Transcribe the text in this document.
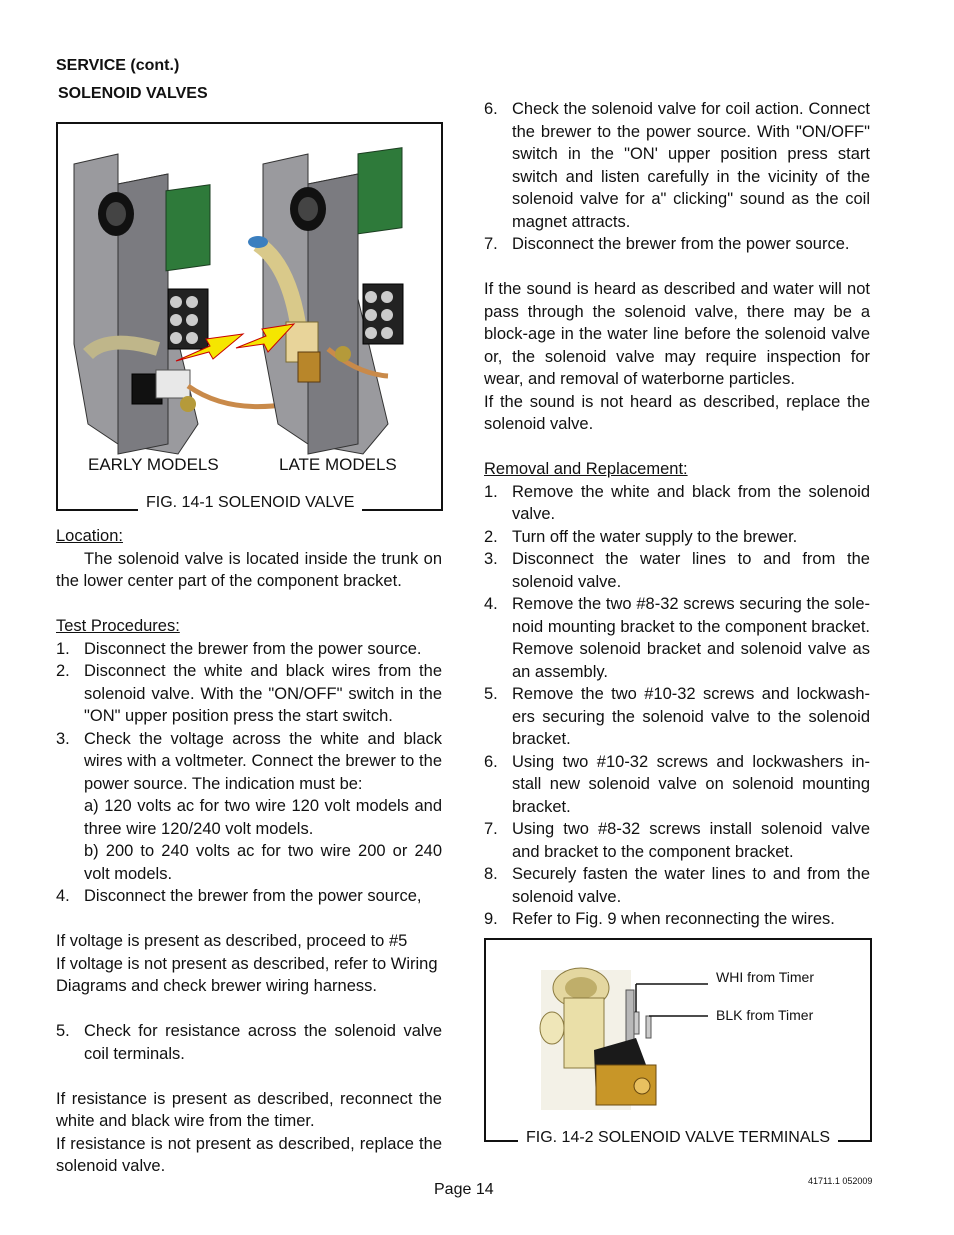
SERVICE (cont.)
SOLENOID VALVES
EARLY MODELS	LATE MODELS
FIG. 14-1 SOLENOID VALVE
Location:
The solenoid valve is located inside the trunk on the lower center part of the component bracket.
Test Procedures:
1. Disconnect the brewer from the power source.
2. Disconnect the white and black wires from the solenoid valve. With the "ON/OFF" switch in the "ON" upper position press the start switch.
3. Check the voltage across the white and black wires with a voltmeter. Connect the brewer to the power source. The indication must be:
a) 120 volts ac for two wire 120 volt models and three wire 120/240 volt models.
b) 200 to 240 volts ac for two wire 200 or 240 volt models.
4. Disconnect the brewer from the power source,
If voltage is present as described, proceed to #5
If voltage is not present as described, refer to Wiring Diagrams and check brewer wiring harness.
5. Check for resistance across the solenoid valve coil terminals.
If resistance is present as described, reconnect the white and black wire from the timer.
If resistance is not present as described, replace the solenoid valve.
6. Check the solenoid valve for coil action. Connect the brewer to the power source. With "ON/OFF" switch in the "ON' upper position press start switch and listen carefully in the vicinity of the solenoid valve for a" clicking" sound as the coil magnet attracts.
7. Disconnect the brewer from the power source.
If the sound is heard as described and water will not pass through the solenoid valve, there may be a block-age in the water line before the solenoid valve or, the solenoid valve may require inspection for wear, and removal of waterborne particles.
If the sound is not heard as described, replace the solenoid valve.
Removal and Replacement:
1. Remove the white and black from the solenoid valve.
2. Turn off the water supply to the brewer.
3. Disconnect the water lines to and from the solenoid valve.
4. Remove the two #8-32 screws securing the sole-noid mounting bracket to the component bracket. Remove solenoid bracket and solenoid valve as an assembly.
5. Remove the two #10-32 screws and lockwash-ers securing the solenoid valve to the solenoid bracket.
6. Using two #10-32 screws and lockwashers in-stall new solenoid valve on solenoid mounting bracket.
7. Using two #8-32 screws install solenoid valve and bracket to the component bracket.
8. Securely fasten the water lines to and from the solenoid valve.
9. Refer to Fig. 9 when reconnecting the wires.
WHI from Timer
BLK from Timer
FIG. 14-2 SOLENOID VALVE TERMINALS
Page 14	41711.1 052009
